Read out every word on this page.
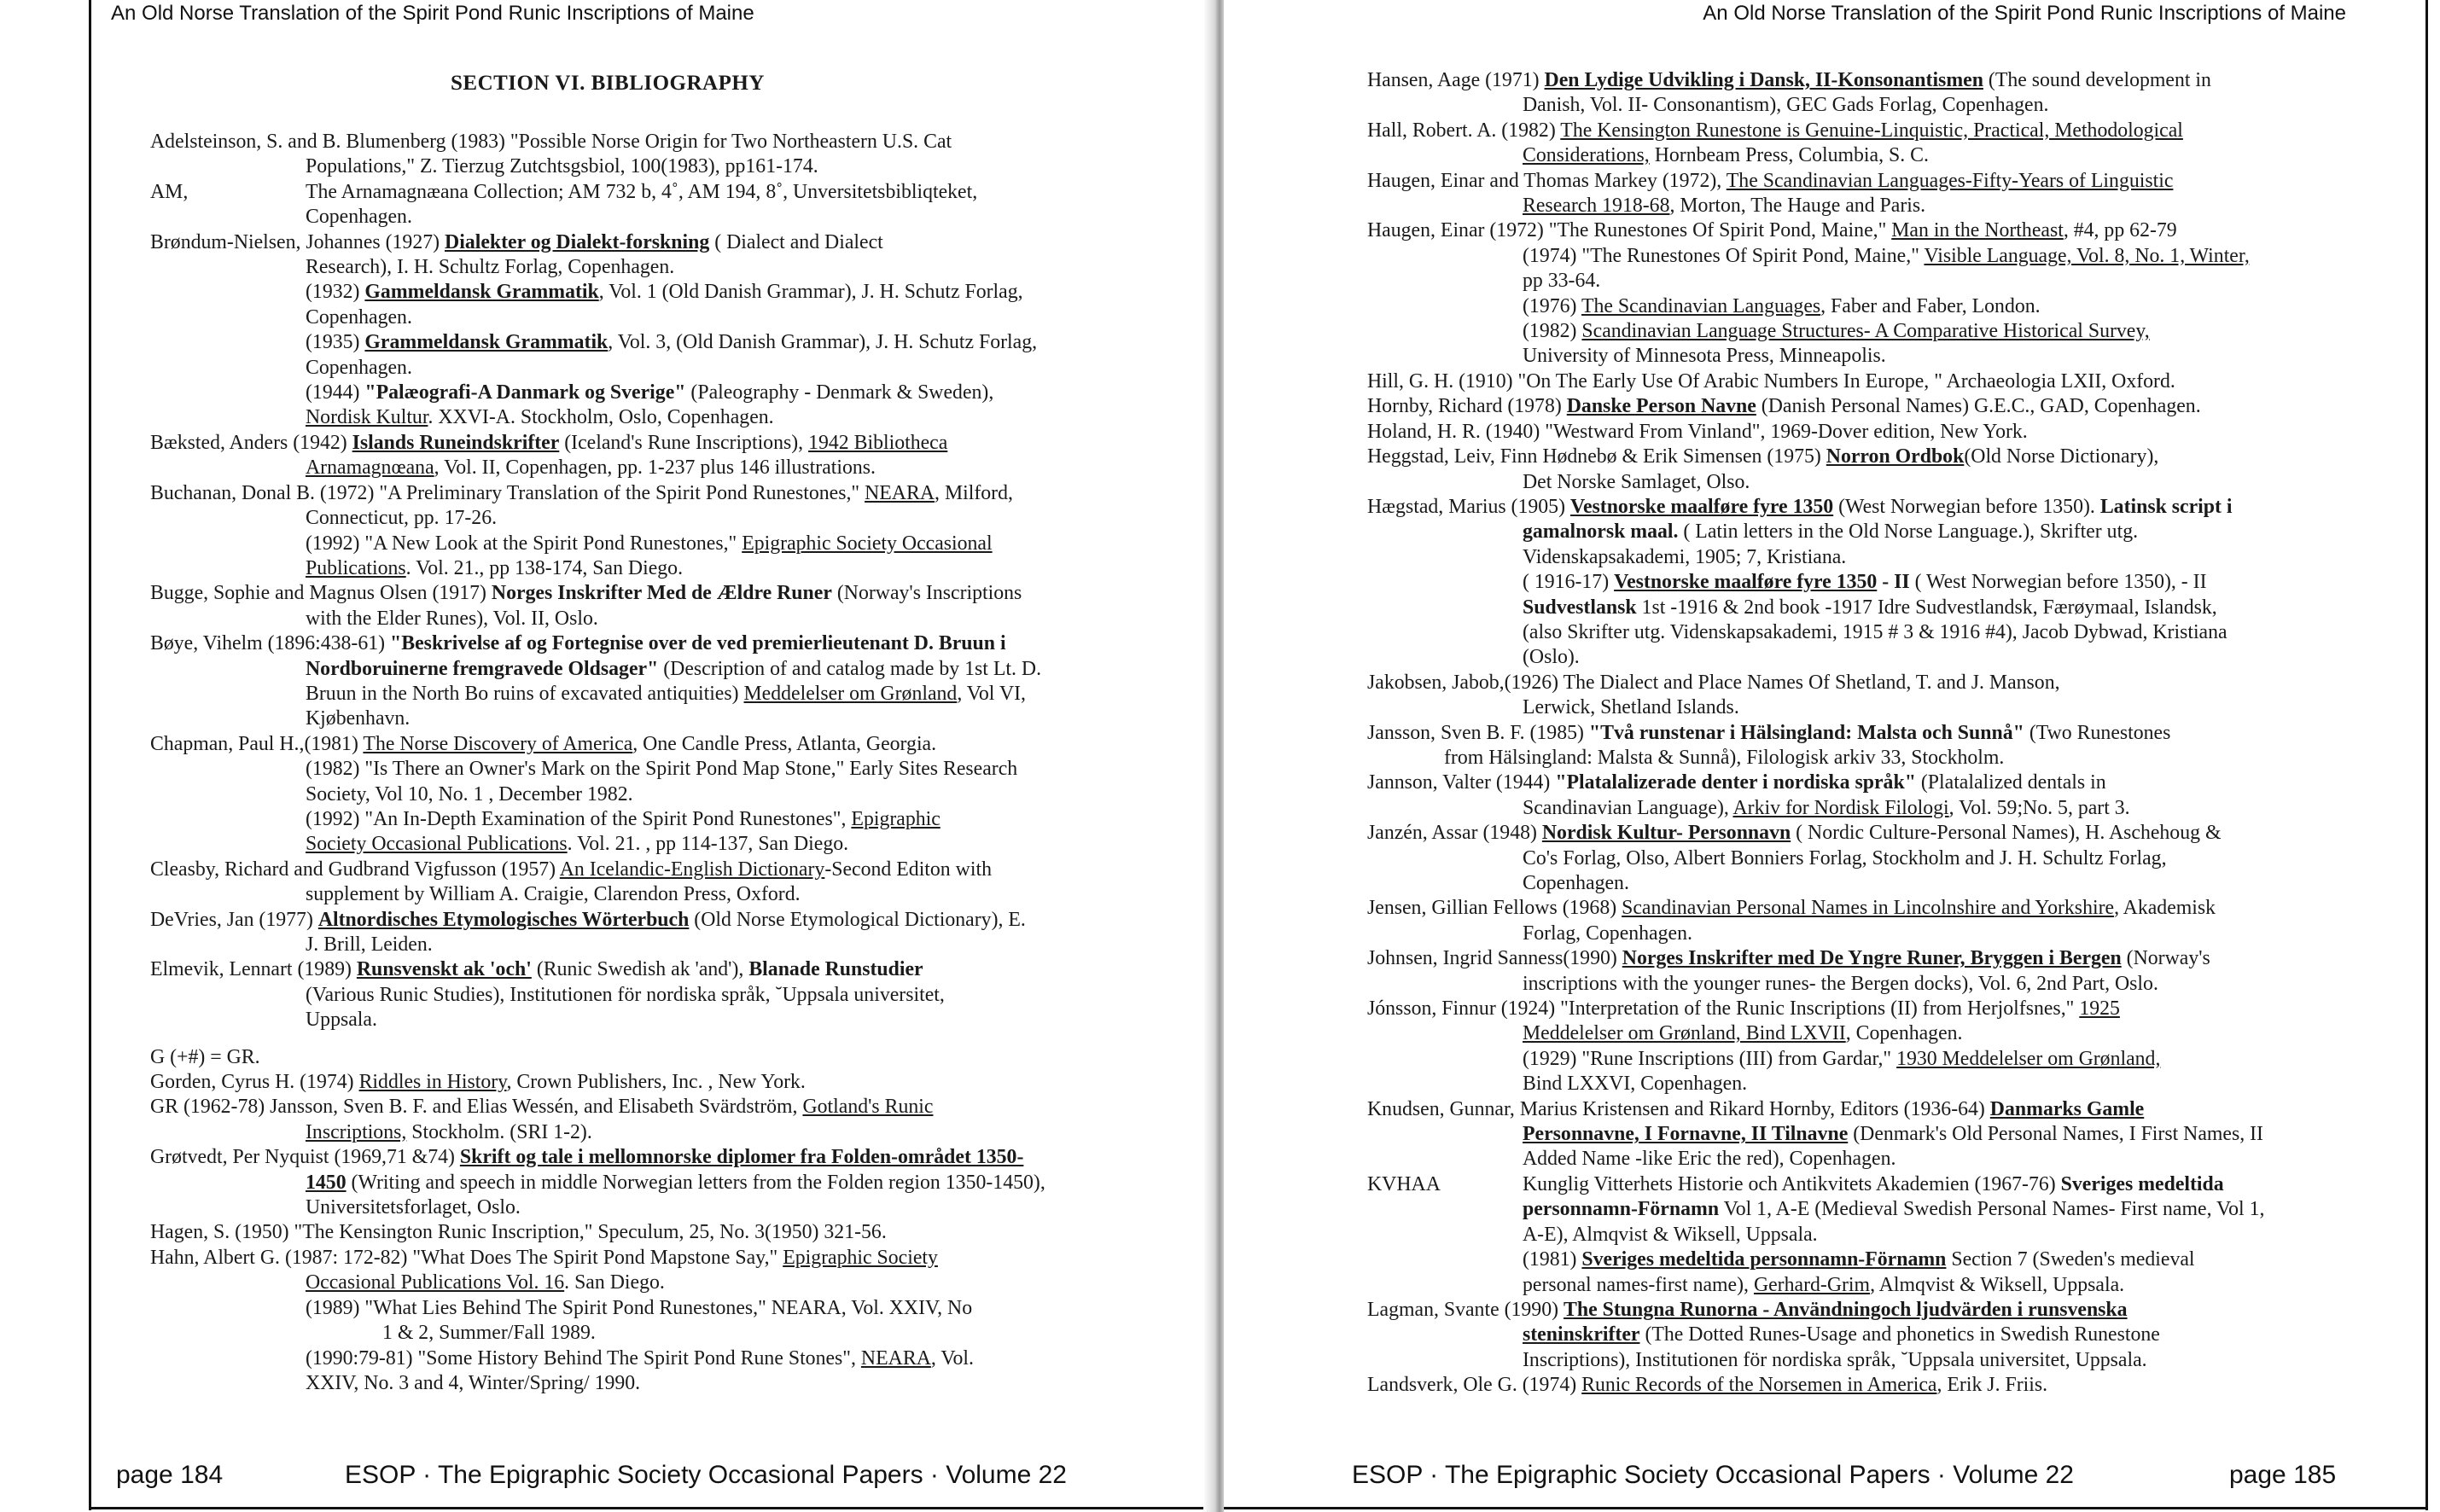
An Old Norse Translation of the Spirit Pond Runic Inscriptions of Maine
SECTION VI. BIBLIOGRAPHY
Adelsteinson, S. and B. Blumenberg (1983) "Possible Norse Origin for Two Northeastern U.S. Cat
Populations," Z. Tierzug Zutchtsgsbiol, 100(1983), pp161-174.
AM,	The Arnamagnæana Collection; AM 732 b, 4˚, AM 194, 8˚, Unversitetsbibliqteket,
Copenhagen.
Brøndum-Nielsen, Johannes (1927) Dialekter og Dialekt-forskning ( Dialect and Dialect
Research), I. H. Schultz Forlag, Copenhagen.
(1932) Gammeldansk Grammatik, Vol. 1 (Old Danish Grammar), J. H. Schutz Forlag,
Copenhagen.
(1935) Grammeldansk Grammatik, Vol. 3, (Old Danish Grammar), J. H. Schutz Forlag,
Copenhagen.
(1944) "Palæografi-A Danmark og Sverige" (Paleography - Denmark & Sweden),
Nordisk Kultur. XXVI-A. Stockholm, Oslo, Copenhagen.
Bæksted, Anders (1942) Islands Runeindskrifter (Iceland's Rune Inscriptions), 1942 Bibliotheca
Arnamagnœana, Vol. II, Copenhagen, pp. 1-237 plus 146 illustrations.
Buchanan, Donal B. (1972) "A Preliminary Translation of the Spirit Pond Runestones," NEARA, Milford,
Connecticut, pp. 17-26.
(1992) "A New Look at the Spirit Pond Runestones," Epigraphic Society Occasional
Publications. Vol. 21., pp 138-174, San Diego.
Bugge, Sophie and Magnus Olsen (1917) Norges Inskrifter Med de Ældre Runer (Norway's Inscriptions
with the Elder Runes), Vol. II, Oslo.
Bøye, Vihelm (1896:438-61) "Beskrivelse af og Fortegnise over de ved premierlieutenant D. Bruun i
Nordboruinerne fremgravede Oldsager" (Description of and catalog made by 1st Lt. D.
Bruun in the North Bo ruins of excavated antiquities) Meddelelser om Grønland, Vol VI,
Kjøbenhavn.
Chapman, Paul H.,(1981) The Norse Discovery of America, One Candle Press, Atlanta, Georgia.
(1982) "Is There an Owner's Mark on the Spirit Pond Map Stone," Early Sites Research
Society, Vol 10, No. 1 , December 1982.
(1992) "An In-Depth Examination of the Spirit Pond Runestones", Epigraphic
Society Occasional Publications. Vol. 21. , pp 114-137, San Diego.
Cleasby, Richard and Gudbrand Vigfusson (1957) An Icelandic-English Dictionary-Second Editon with
supplement by William A. Craigie, Clarendon Press, Oxford.
DeVries, Jan (1977) Altnordisches Etymologisches Wörterbuch (Old Norse Etymological Dictionary), E.
J. Brill, Leiden.
Elmevik, Lennart (1989) Runsvenskt ak 'och' (Runic Swedish ak 'and'), Blanade Runstudier
(Various Runic Studies), Institutionen för nordiska språk, ˘Uppsala universitet,
Uppsala.
G (+#) = GR.
Gorden, Cyrus H. (1974) Riddles in History, Crown Publishers, Inc. , New York.
GR (1962-78) Jansson, Sven B. F. and Elias Wessén, and Elisabeth Svärdström, Gotland's Runic
Inscriptions, Stockholm. (SRI 1-2).
Grøtvedt, Per Nyquist (1969,71 &74) Skrift og tale i mellomnorske diplomer fra Folden-området 1350-
1450 (Writing and speech in middle Norwegian letters from the Folden region 1350-1450),
Universitetsforlaget, Oslo.
Hagen, S. (1950) "The Kensington Runic Inscription," Speculum, 25, No. 3(1950) 321-56.
Hahn, Albert G. (1987: 172-82) "What Does The Spirit Pond Mapstone Say," Epigraphic Society
Occasional Publications Vol. 16. San Diego.
(1989) "What Lies Behind The Spirit Pond Runestones," NEARA, Vol. XXIV, No
1 & 2, Summer/Fall 1989.
(1990:79-81) "Some History Behind The Spirit Pond Rune Stones", NEARA, Vol.
XXIV, No. 3 and 4, Winter/Spring/ 1990.
page 184	ESOP · The Epigraphic Society Occasional Papers · Volume 22
An Old Norse Translation of the Spirit Pond Runic Inscriptions of Maine
Hansen, Aage (1971) Den Lydige Udvikling i Dansk, II-Konsonantismen (The sound development in
Danish, Vol. II- Consonantism), GEC Gads Forlag, Copenhagen.
Hall, Robert. A. (1982) The Kensington Runestone is Genuine-Linquistic, Practical, Methodological
Considerations, Hornbeam Press, Columbia, S. C.
Haugen, Einar and Thomas Markey (1972), The Scandinavian Languages-Fifty-Years of Linguistic
Research 1918-68, Morton, The Hauge and Paris.
Haugen, Einar (1972) "The Runestones Of Spirit Pond, Maine," Man in the Northeast, #4, pp 62-79
(1974) "The Runestones Of Spirit Pond, Maine," Visible Language, Vol. 8, No. 1, Winter,
pp 33-64.
(1976) The Scandinavian Languages, Faber and Faber, London.
(1982) Scandinavian Language Structures- A Comparative Historical Survey,
University of Minnesota Press, Minneapolis.
Hill, G. H. (1910) "On The Early Use Of Arabic Numbers In Europe, " Archaeologia LXII, Oxford.
Hornby, Richard (1978) Danske Person Navne (Danish Personal Names) G.E.C., GAD, Copenhagen.
Holand, H. R. (1940) "Westward From Vinland", 1969-Dover edition, New York.
Heggstad, Leiv, Finn Hødnebø & Erik Simensen (1975) Norron Ordbok(Old Norse Dictionary),
Det Norske Samlaget, Olso.
Hægstad, Marius (1905) Vestnorske maalføre fyre 1350 (West Norwegian before 1350). Latinsk script i
gamalnorsk maal. ( Latin letters in the Old Norse Language.), Skrifter utg.
Videnskapsakademi, 1905; 7, Kristiana.
( 1916-17) Vestnorske maalføre fyre 1350 - II ( West Norwegian before 1350), - II
Sudvestlansk 1st -1916 & 2nd book -1917 Idre Sudvestlandsk, Færøymaal, Islandsk,
(also Skrifter utg. Videnskapsakademi, 1915 # 3 & 1916 #4), Jacob Dybwad, Kristiana
(Oslo).
Jakobsen, Jabob,(1926) The Dialect and Place Names Of Shetland, T. and J. Manson,
Lerwick, Shetland Islands.
Jansson, Sven B. F. (1985) "Två runstenar i Hälsingland: Malsta och Sunnå" (Two Runestones
from Hälsingland: Malsta & Sunnå), Filologisk arkiv 33, Stockholm.
Jannson, Valter (1944) "Platalalizerade denter i nordiska språk" (Platalalized dentals in
Scandinavian Language), Arkiv for Nordisk Filologi, Vol. 59;No. 5, part 3.
Janzén, Assar (1948) Nordisk Kultur- Personnavn ( Nordic Culture-Personal Names), H. Aschehoug &
Co's Forlag, Olso, Albert Bonniers Forlag, Stockholm and J. H. Schultz Forlag,
Copenhagen.
Jensen, Gillian Fellows (1968) Scandinavian Personal Names in Lincolnshire and Yorkshire, Akademisk
Forlag, Copenhagen.
Johnsen, Ingrid Sanness(1990) Norges Inskrifter med De Yngre Runer, Bryggen i Bergen (Norway's
inscriptions with the younger runes- the Bergen docks), Vol. 6, 2nd Part, Oslo.
Jónsson, Finnur (1924) "Interpretation of the Runic Inscriptions (II) from Herjolfsnes," 1925
Meddelelser om Grønland, Bind LXVII, Copenhagen.
(1929) "Rune Inscriptions (III) from Gardar," 1930 Meddelelser om Grønland,
Bind LXXVI, Copenhagen.
Knudsen, Gunnar, Marius Kristensen and Rikard Hornby, Editors (1936-64) Danmarks Gamle
Personnavne, I Fornavne, II Tilnavne (Denmark's Old Personal Names, I First Names, II
Added Name -like Eric the red), Copenhagen.
KVHAA	Kunglig Vitterhets Historie och Antikvitets Akademien (1967-76) Sveriges medeltida
personnamn-Förnamn Vol 1, A-E (Medieval Swedish Personal Names- First name, Vol 1,
A-E), Almqvist & Wiksell, Uppsala.
(1981) Sveriges medeltida personnamn-Förnamn Section 7 (Sweden's medieval
personal names-first name), Gerhard-Grim, Almqvist & Wiksell, Uppsala.
Lagman, Svante (1990) The Stungna Runorna - Användningoch ljudvärden i runsvenska
steninskrifter (The Dotted Runes-Usage and phonetics in Swedish Runestone
Inscriptions), Institutionen för nordiska språk, ˘Uppsala universitet, Uppsala.
Landsverk, Ole G. (1974) Runic Records of the Norsemen in America, Erik J. Friis.
ESOP · The Epigraphic Society Occasional Papers · Volume 22	page 185
